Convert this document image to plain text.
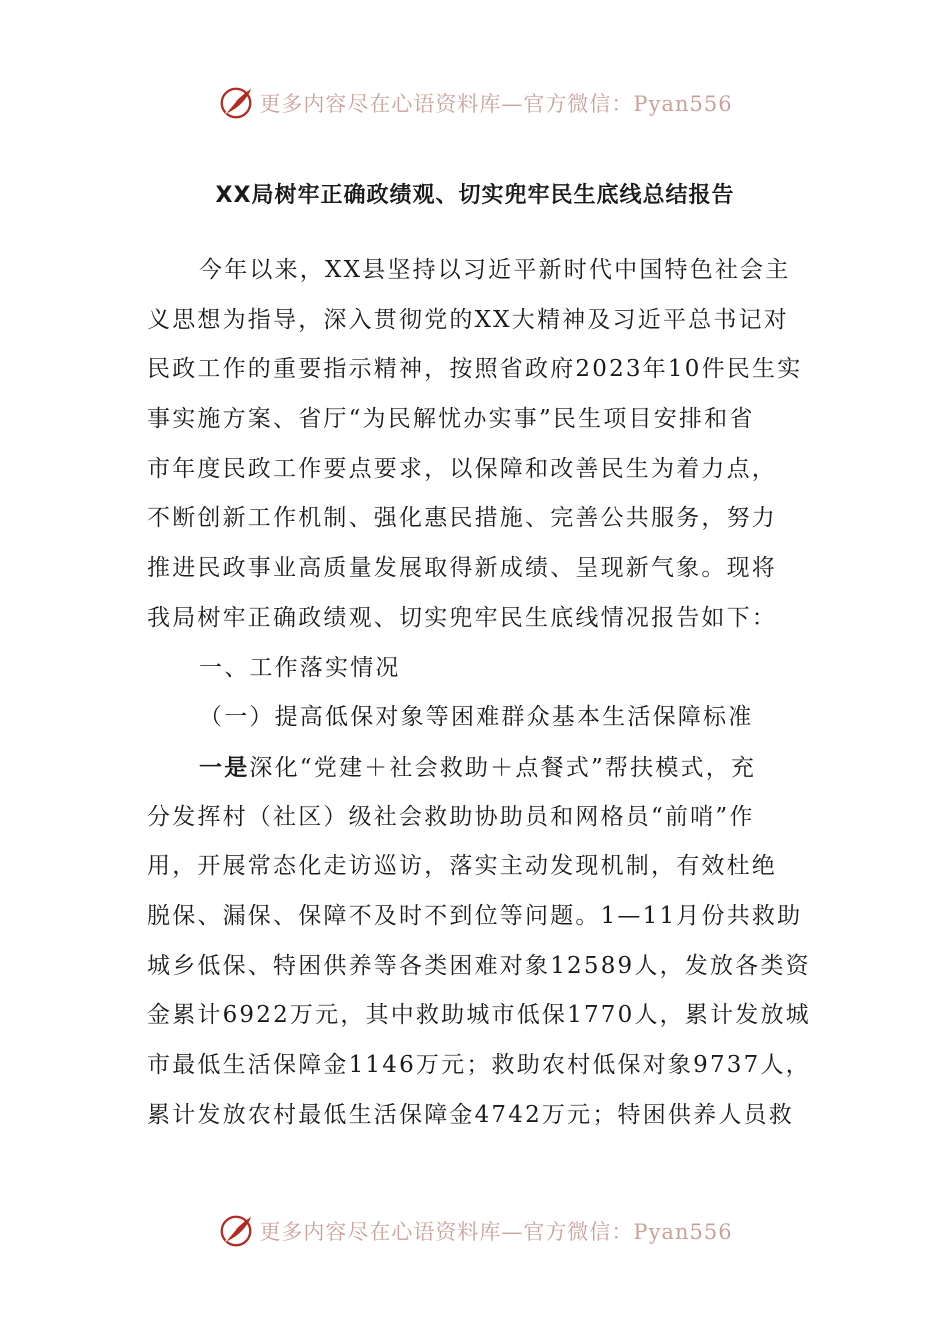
更多内容尽在心语资料库—官方微信：Pyan556
XX局树牢正确政绩观、切实兜牢民生底线总结报告
今年以来，XX县坚持以习近平新时代中国特色社会主
义思想为指导，深入贯彻党的XX大精神及习近平总书记对
民政工作的重要指示精神，按照省政府2023年10件民生实
事实施方案、省厅“为民解忧办实事”民生项目安排和省
市年度民政工作要点要求，以保障和改善民生为着力点，
不断创新工作机制、强化惠民措施、完善公共服务，努力
推进民政事业高质量发展取得新成绩、呈现新气象。现将
我局树牢正确政绩观、切实兜牢民生底线情况报告如下：
一、工作落实情况
（一）提高低保对象等困难群众基本生活保障标准
一是深化“党建＋社会救助＋点餐式”帮扶模式，充
分发挥村（社区）级社会救助协助员和网格员“前哨”作
用，开展常态化走访巡访，落实主动发现机制，有效杜绝
脱保、漏保、保障不及时不到位等问题。1—11月份共救助
城乡低保、特困供养等各类困难对象12589人，发放各类资
金累计6922万元，其中救助城市低保1770人，累计发放城
市最低生活保障金1146万元；救助农村低保对象9737人，
累计发放农村最低生活保障金4742万元；特困供养人员救
更多内容尽在心语资料库—官方微信：Pyan556
